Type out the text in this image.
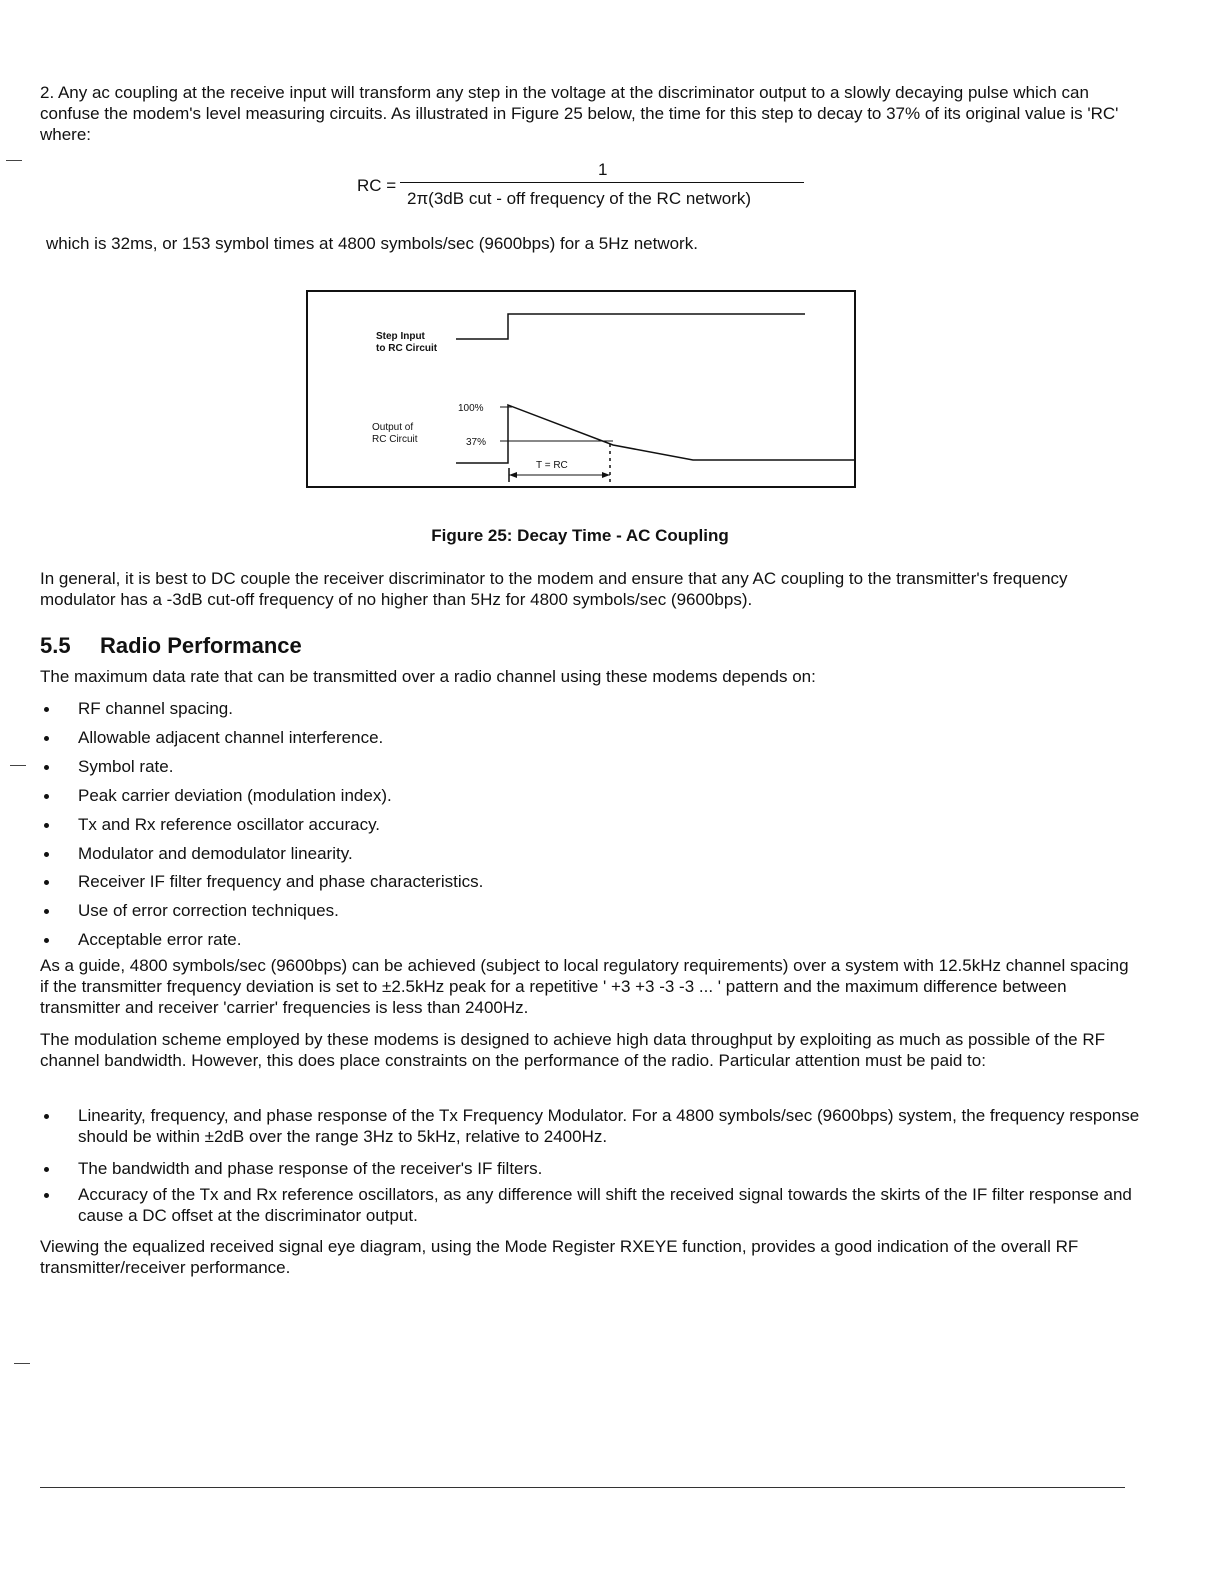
2. Any ac coupling at the receive input will transform any step in the voltage at the discriminator output to a slowly decaying pulse which can confuse the modem's level measuring circuits. As illustrated in Figure 25 below, the time for this step to decay to 37% of its original value is 'RC' where:

RC =
1
2π(3dB cut - off frequency of the RC network)

which is 32ms, or 153 symbol times at 4800 symbols/sec (9600bps) for a 5Hz network.

Step Input
to RC Circuit
Output of
RC Circuit
100%
37%
T = RC
Figure 25: Decay Time - AC Coupling

In general, it is best to DC couple the receiver discriminator to the modem and ensure that any AC coupling to the transmitter's frequency modulator has a -3dB cut-off frequency of no higher than 5Hz for 4800 symbols/sec (9600bps).

5.5 Radio Performance

The maximum data rate that can be transmitted over a radio channel using these modems depends on:

RF channel spacing.
Allowable adjacent channel interference.
Symbol rate.
Peak carrier deviation (modulation index).
Tx and Rx reference oscillator accuracy.
Modulator and demodulator linearity.
Receiver IF filter frequency and phase characteristics.
Use of error correction techniques.
Acceptable error rate.

As a guide, 4800 symbols/sec (9600bps) can be achieved (subject to local regulatory requirements) over a system with 12.5kHz channel spacing if the transmitter frequency deviation is set to ±2.5kHz peak for a repetitive ' +3 +3 -3 -3 ... ' pattern and the maximum difference between transmitter and receiver 'carrier' frequencies is less than 2400Hz.

The modulation scheme employed by these modems is designed to achieve high data throughput by exploiting as much as possible of the RF channel bandwidth. However, this does place constraints on the performance of the radio. Particular attention must be paid to:

Linearity, frequency, and phase response of the Tx Frequency Modulator. For a 4800 symbols/sec (9600bps) system, the frequency response should be within ±2dB over the range 3Hz to 5kHz, relative to 2400Hz.
The bandwidth and phase response of the receiver's IF filters.
Accuracy of the Tx and Rx reference oscillators, as any difference will shift the received signal towards the skirts of the IF filter response and cause a DC offset at the discriminator output.

Viewing the equalized received signal eye diagram, using the Mode Register RXEYE function, provides a good indication of the overall RF transmitter/receiver performance.
